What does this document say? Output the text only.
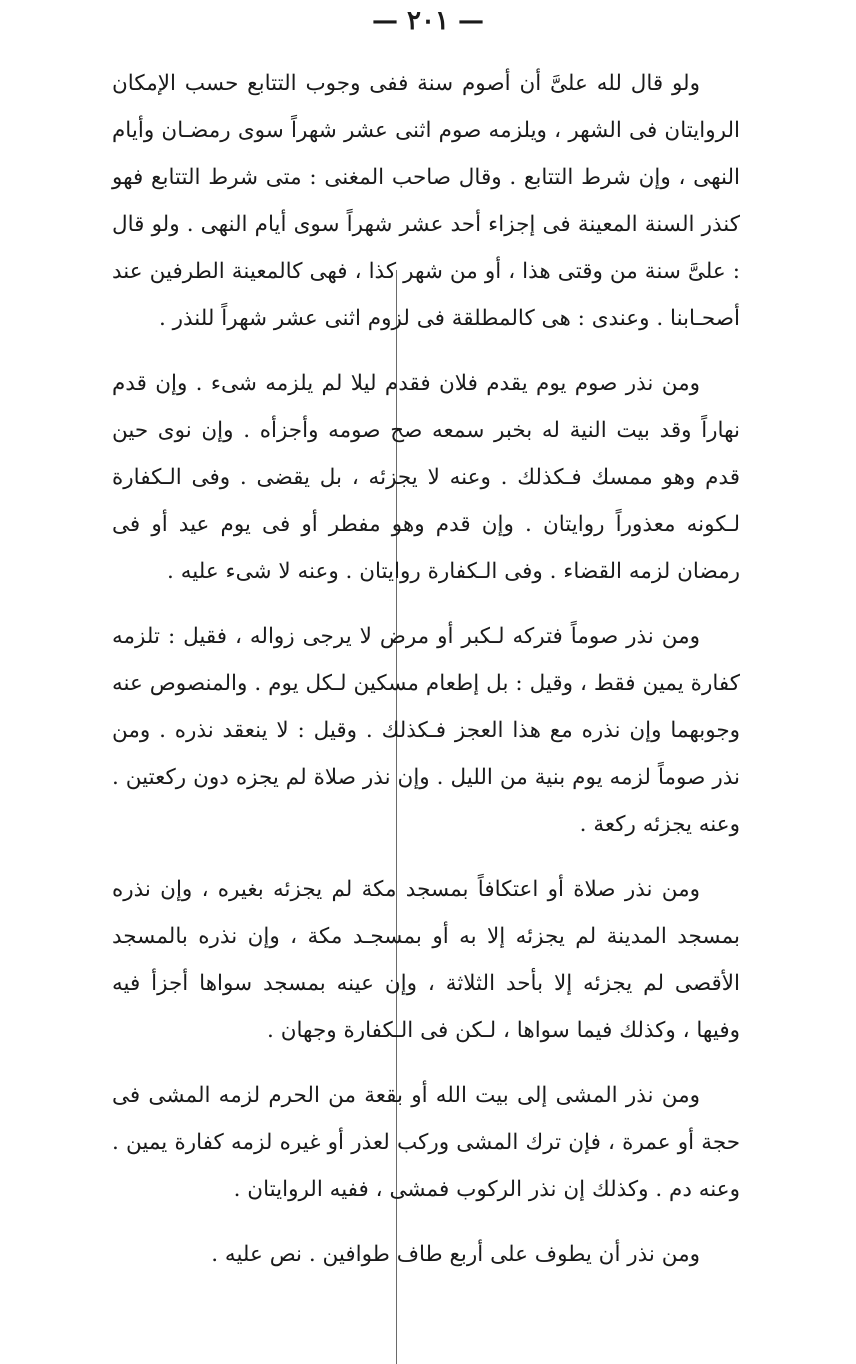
— ٢٠١ —

ولو قال لله علىَّ أن أصوم سنة ففى وجوب التتابع حسب الإمكان الروايتان فى الشهر ، ويلزمه صوم اثنى عشر شهراً سوى رمضـان وأيام النهى ، وإن شرط التتابع . وقال صاحب المغنى : متى شرط التتابع فهو كنذر السنة المعينة فى إجزاء أحد عشر شهراً سوى أيام النهى . ولو قال : علىَّ سنة من وقتى هذا ، أو من شهر كذا ، فهى كالمعينة الطرفين عند أصحـابنا . وعندى : هى كالمطلقة فى لزوم اثنى عشر شهراً للنذر .

ومن نذر صوم يوم يقدم فلان فقدم ليلا لم يلزمه شىء . وإن قدم نهاراً وقد بيت النية له بخبر سمعه صح صومه وأجزأه . وإن نوى حين قدم وهو ممسك فـكذلك . وعنه لا يجزئه ، بل يقضى . وفى الـكفارة لـكونه معذوراً روايتان . وإن قدم وهو مفطر أو فى يوم عيد أو فى رمضان لزمه القضاء . وفى الـكفارة روايتان . وعنه لا شىء عليه .

ومن نذر صوماً فتركه لـكبر أو مرض لا يرجى زواله ، فقيل : تلزمه كفارة يمين فقط ، وقيل : بل إطعام مسكين لـكل يوم . والمنصوص عنه وجوبهما وإن نذره مع هذا العجز فـكذلك . وقيل : لا ينعقد نذره . ومن نذر صوماً لزمه يوم بنية من الليل . وإن نذر صلاة لم يجزه دون ركعتين . وعنه يجزئه ركعة .

ومن نذر صلاة أو اعتكافاً بمسجد مكة لم يجزئه بغيره ، وإن نذره بمسجد المدينة لم يجزئه إلا به أو بمسجـد مكة ، وإن نذره بالمسجد الأقصى لم يجزئه إلا بأحد الثلاثة ، وإن عينه بمسجد سواها أجزأ فيه وفيها ، وكذلك فيما سواها ، لـكن فى الـكفارة وجهان .

ومن نذر المشى إلى بيت الله أو بقعة من الحرم لزمه المشى فى حجة أو عمرة ، فإن ترك المشى وركب لعذر أو غيره لزمه كفارة يمين . وعنه دم . وكذلك إن نذر الركوب فمشى ، ففيه الروايتان .

ومن نذر أن يطوف على أربع طاف طوافين . نص عليه .
